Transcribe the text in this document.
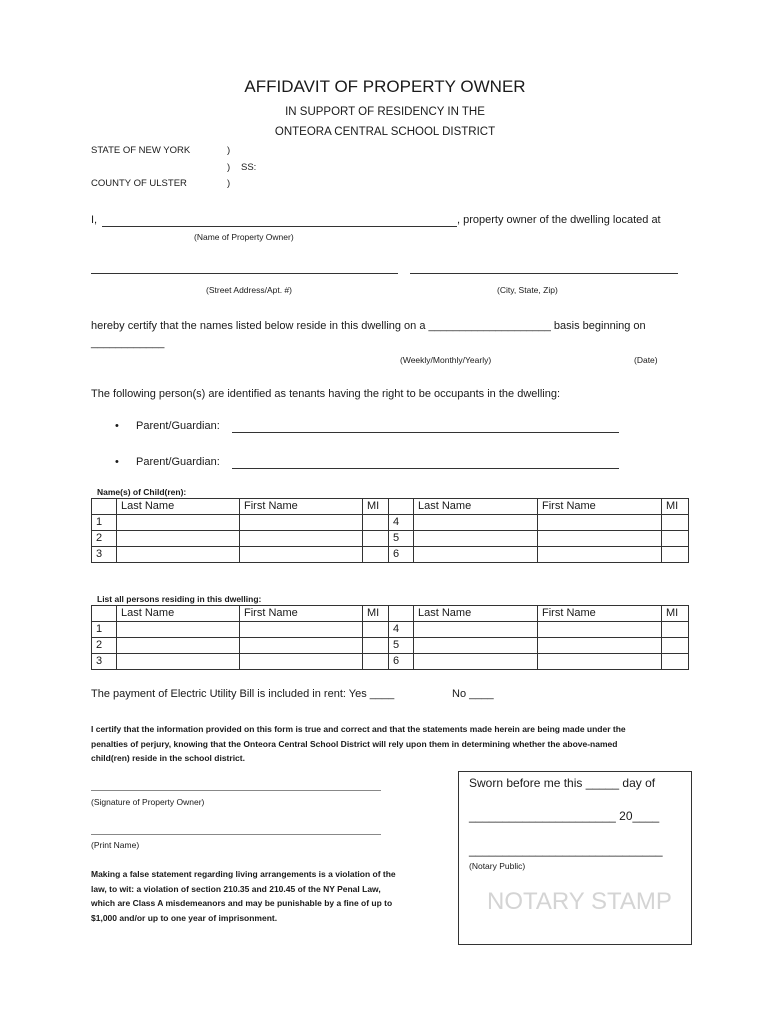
AFFIDAVIT OF PROPERTY OWNER
IN SUPPORT OF RESIDENCY IN THE
ONTEORA CENTRAL SCHOOL DISTRICT
STATE OF NEW YORK	)
) SS:
COUNTY OF ULSTER	)
I,	, property owner of the dwelling located at
(Name of Property Owner)
(Street Address/Apt. #)	(City, State, Zip)
hereby certify that the names listed below reside in this dwelling on a ____________________ basis beginning on
____________
(Weekly/Monthly/Yearly)	(Date)
The following person(s) are identified as tenants having the right to be occupants in the dwelling:
• Parent/Guardian:
• Parent/Guardian:
Name(s) of Child(ren):
	Last Name	First Name	MI		Last Name	First Name	MI
1				4			
2				5			
3				6			
List all persons residing in this dwelling:
	Last Name	First Name	MI		Last Name	First Name	MI
1				4			
2				5			
3				6			
The payment of Electric Utility Bill is included in rent: Yes ____	No ____
I certify that the information provided on this form is true and correct and that the statements made herein are being made under the
penalties of perjury, knowing that the Onteora Central School District will rely upon them in determining whether the above-named
child(ren) reside in the school district.
(Signature of Property Owner)
(Print Name)
Making a false statement regarding living arrangements is a violation of the
law, to wit: a violation of section 210.35 and 210.45 of the NY Penal Law,
which are Class A misdemeanors and may be punishable by a fine of up to
$1,000 and/or up to one year of imprisonment.
Sworn before me this _____ day of
______________________ 20____
_____________________________
(Notary Public)
NOTARY STAMP
